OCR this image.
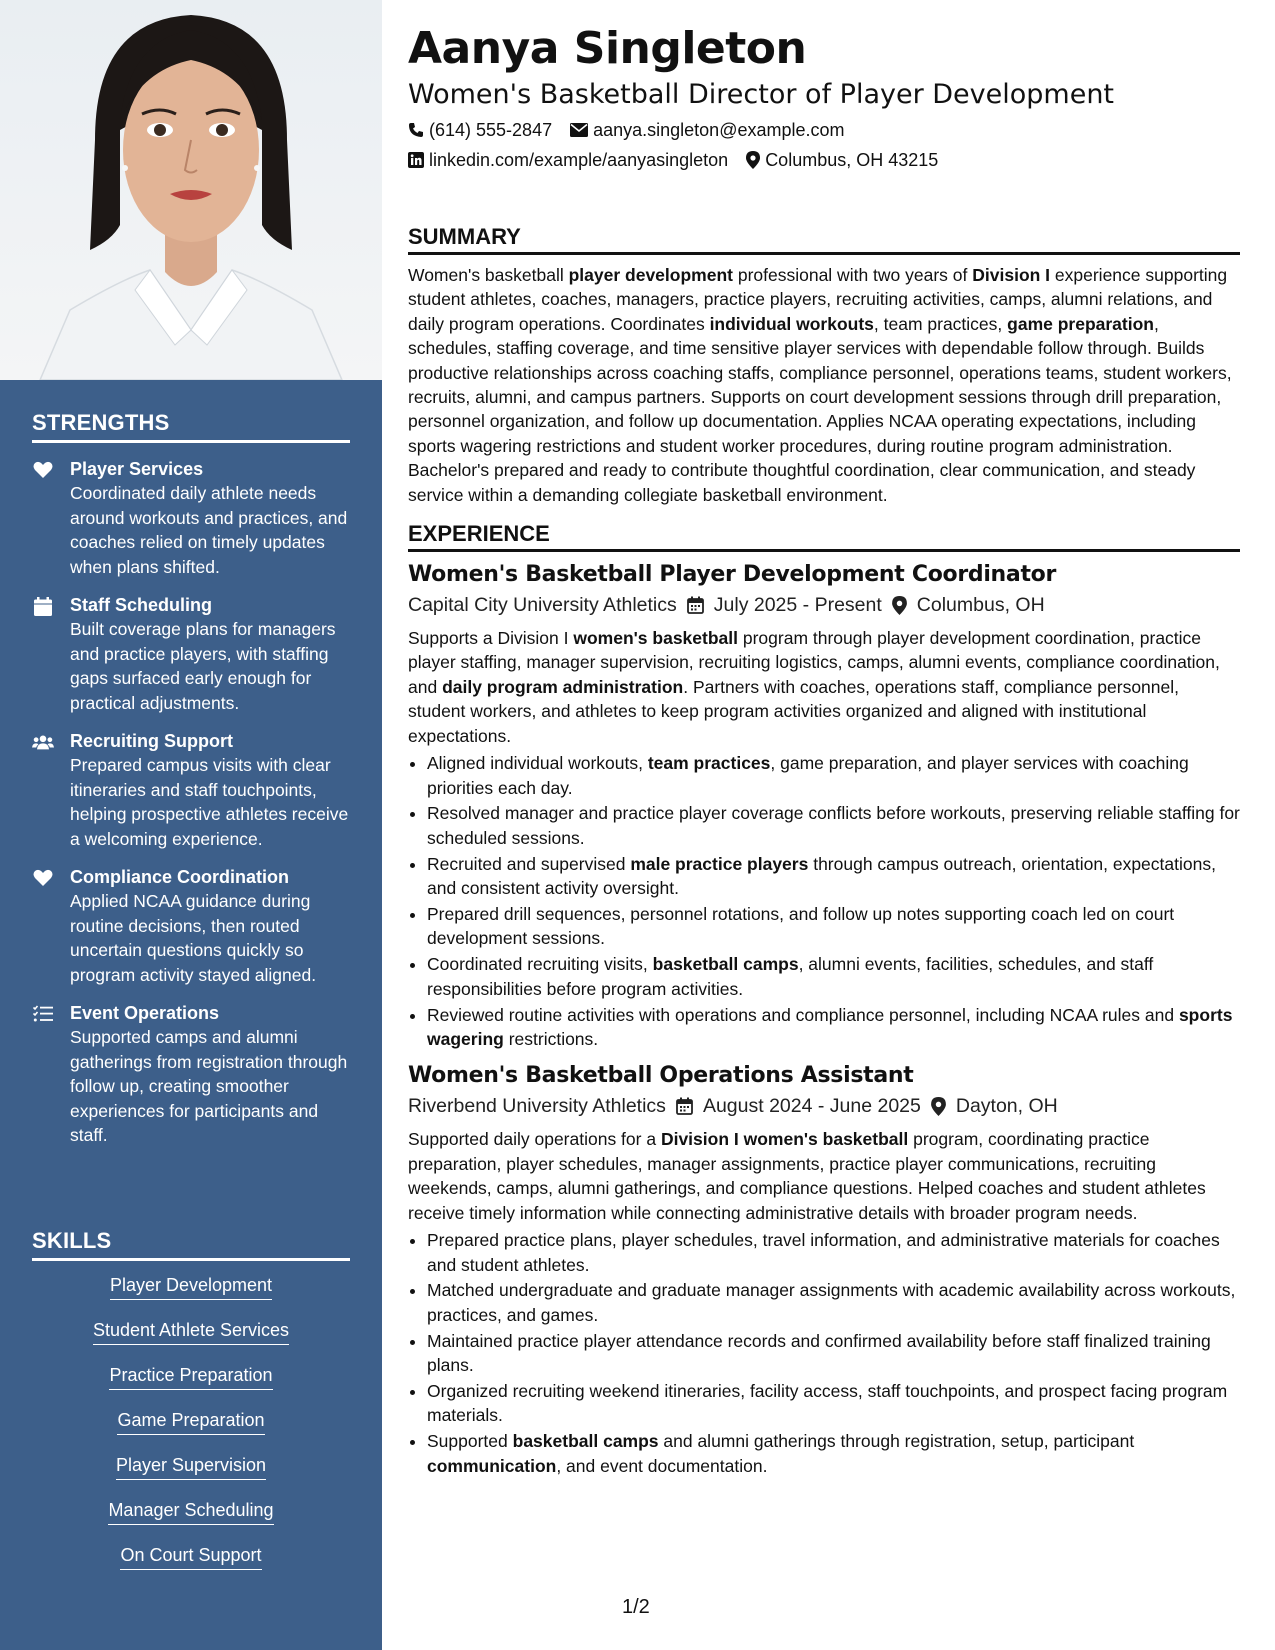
STRENGTHS
Player Services
Coordinated daily athlete needs around workouts and practices, and coaches relied on timely updates when plans shifted.
Staff Scheduling
Built coverage plans for managers and practice players, with staffing gaps surfaced early enough for practical adjustments.
Recruiting Support
Prepared campus visits with clear itineraries and staff touchpoints, helping prospective athletes receive a welcoming experience.
Compliance Coordination
Applied NCAA guidance during routine decisions, then routed uncertain questions quickly so program activity stayed aligned.
Event Operations
Supported camps and alumni gatherings from registration through follow up, creating smoother experiences for participants and staff.
SKILLS
Player Development
Student Athlete Services
Practice Preparation
Game Preparation
Player Supervision
Manager Scheduling
On Court Support
Aanya Singleton
Women's Basketball Director of Player Development
(614) 555-2847 aanya.singleton@example.com
linkedin.com/example/aanyasingleton Columbus, OH 43215
SUMMARY
Women's basketball player development professional with two years of Division I experience supporting student athletes, coaches, managers, practice players, recruiting activities, camps, alumni relations, and daily program operations. Coordinates individual workouts, team practices, game preparation, schedules, staffing coverage, and time sensitive player services with dependable follow through. Builds productive relationships across coaching staffs, compliance personnel, operations teams, student workers, recruits, alumni, and campus partners. Supports on court development sessions through drill preparation, personnel organization, and follow up documentation. Applies NCAA operating expectations, including sports wagering restrictions and student worker procedures, during routine program administration. Bachelor's prepared and ready to contribute thoughtful coordination, clear communication, and steady service within a demanding collegiate basketball environment.
EXPERIENCE
Women's Basketball Player Development Coordinator
Capital City University Athletics July 2025 - Present Columbus, OH
Supports a Division I women's basketball program through player development coordination, practice player staffing, manager supervision, recruiting logistics, camps, alumni events, compliance coordination, and daily program administration. Partners with coaches, operations staff, compliance personnel, student workers, and athletes to keep program activities organized and aligned with institutional expectations.
• Aligned individual workouts, team practices, game preparation, and player services with coaching priorities each day.
• Resolved manager and practice player coverage conflicts before workouts, preserving reliable staffing for scheduled sessions.
• Recruited and supervised male practice players through campus outreach, orientation, expectations, and consistent activity oversight.
• Prepared drill sequences, personnel rotations, and follow up notes supporting coach led on court development sessions.
• Coordinated recruiting visits, basketball camps, alumni events, facilities, schedules, and staff responsibilities before program activities.
• Reviewed routine activities with operations and compliance personnel, including NCAA rules and sports wagering restrictions.
Women's Basketball Operations Assistant
Riverbend University Athletics August 2024 - June 2025 Dayton, OH
Supported daily operations for a Division I women's basketball program, coordinating practice preparation, player schedules, manager assignments, practice player communications, recruiting weekends, camps, alumni gatherings, and compliance questions. Helped coaches and student athletes receive timely information while connecting administrative details with broader program needs.
• Prepared practice plans, player schedules, travel information, and administrative materials for coaches and student athletes.
• Matched undergraduate and graduate manager assignments with academic availability across workouts, practices, and games.
• Maintained practice player attendance records and confirmed availability before staff finalized training plans.
• Organized recruiting weekend itineraries, facility access, staff touchpoints, and prospect facing program materials.
• Supported basketball camps and alumni gatherings through registration, setup, participant communication, and event documentation.
1/2
